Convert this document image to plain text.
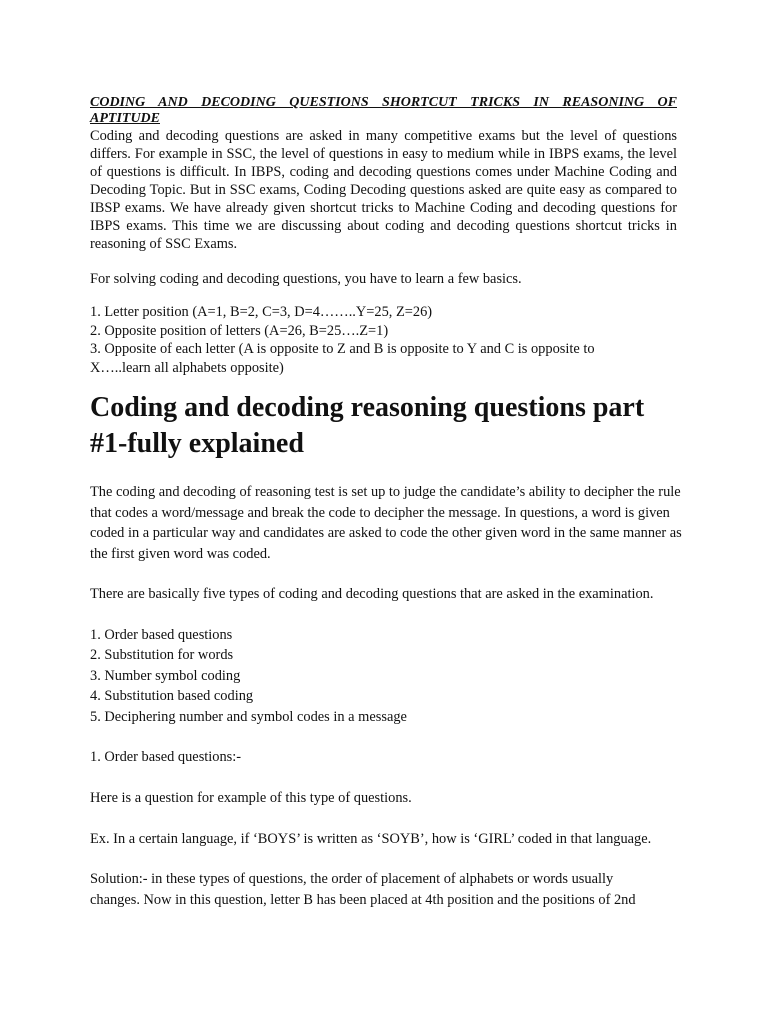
CODING AND DECODING QUESTIONS SHORTCUT TRICKS IN REASONING OF

APTITUDE

Coding and decoding questions are asked in many competitive exams but the level of questions differs. For example in SSC, the level of questions in easy to medium while in IBPS exams, the level of questions is difficult. In IBPS, coding and decoding questions comes under Machine Coding and Decoding Topic. But in SSC exams, Coding Decoding questions asked are quite easy as compared to IBSP exams. We have already given shortcut tricks to Machine Coding and decoding questions for IBPS exams. This time we are discussing about coding and decoding questions shortcut tricks in reasoning of SSC Exams.

For solving coding and decoding questions, you have to learn a few basics.

1. Letter position (A=1, B=2, C=3, D=4……..Y=25, Z=26)
2. Opposite position of letters (A=26, B=25….Z=1)
3. Opposite of each letter (A is opposite to Z and B is opposite to Y and C is opposite to X…..learn all alphabets opposite)
Coding and decoding reasoning questions part #1-fully explained

The coding and decoding of reasoning test is set up to judge the candidate’s ability to decipher the rule that codes a word/message and break the code to decipher the message. In questions, a word is given coded in a particular way and candidates are asked to code the other given word in the same manner as the first given word was coded.

There are basically five types of coding and decoding questions that are asked in the examination.

1. Order based questions
2. Substitution for words
3. Number symbol coding
4. Substitution based coding
5. Deciphering number and symbol codes in a message

1. Order based questions:-

Here is a question for example of this type of questions.

Ex. In a certain language, if ‘BOYS’ is written as ‘SOYB’, how is ‘GIRL’ coded in that language.

Solution:- in these types of questions, the order of placement of alphabets or words usually changes. Now in this question, letter B has been placed at 4th position and the positions of 2nd
